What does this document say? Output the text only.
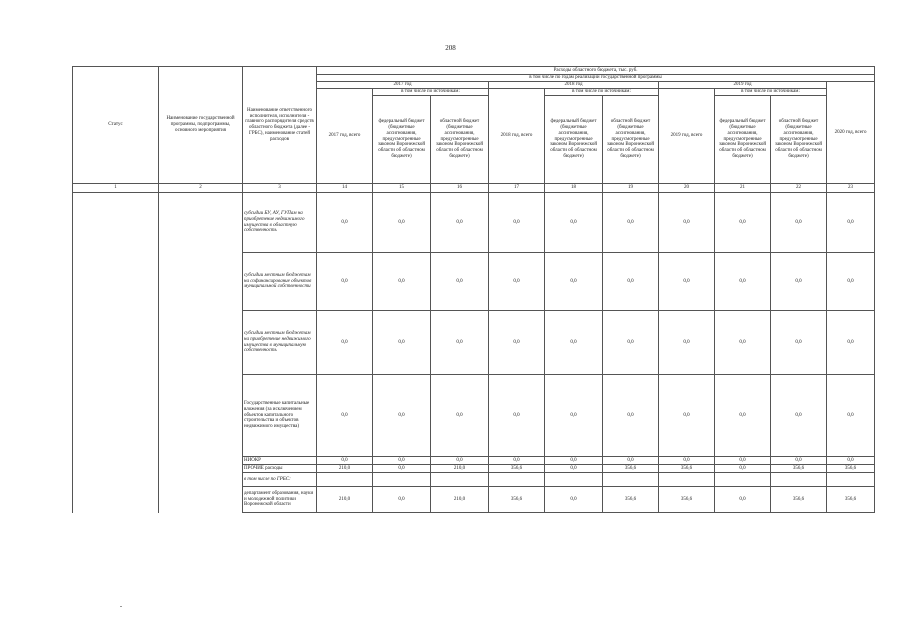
208
Статус	Наименование государственной программы, подпрограммы, основного мероприятия	Наименование ответственного исполнителя, исполнителя - главного распорядителя средств областного бюджета (далее - ГРБС), наименование статей расходов	Расходы областного бюджета, тыс. руб.									
			в том числе по годам реализации государственной программы									
			2017 год			2018 год			2019 год			2020 год, всего
			2017 год, всего	в том числе по источникам:		2018 год, всего	в том числе по источникам:		2019 год, всего	в том числе по источникам:		
				федеральный бюджет (бюджетные ассигнования, предусмотренные законом Воронежской области об областном бюджете)	областной бюджет (бюджетные ассигнования, предусмотренные законом Воронежской области об областном бюджете)		федеральный бюджет (бюджетные ассигнования, предусмотренные законом Воронежской области об областном бюджете)	областной бюджет (бюджетные ассигнования, предусмотренные законом Воронежской области об областном бюджете)		федеральный бюджет (бюджетные ассигнования, предусмотренные законом Воронежской области об областном бюджете)	областной бюджет (бюджетные ассигнования, предусмотренные законом Воронежской области об областном бюджете)	
1	2	3	14	15	16	17	18	19	20	21	22	23
		субсидии БУ, АУ, ГУПам на приобретение недвижимого имущества в областную собственность	0,0	0,0	0,0	0,0	0,0	0,0	0,0	0,0	0,0	0,0
		субсидии местным бюджетам на софинансирование объектов муниципальной собственности	0,0	0,0	0,0	0,0	0,0	0,0	0,0	0,0	0,0	0,0
		субсидии местным бюджетам на приобретение недвижимого имущества в муниципальную собственность	0,0	0,0	0,0	0,0	0,0	0,0	0,0	0,0	0,0	0,0
		Государственные капитальные вложения (за исключением объектов капитального строительства и объектов недвижимого имущества)	0,0	0,0	0,0	0,0	0,0	0,0	0,0	0,0	0,0	0,0
		НИОКР	0,0	0,0	0,0	0,0	0,0	0,0	0,0	0,0	0,0	0,0
		ПРОЧИЕ расходы	210,0	0,0	210,0	356,6	0,0	356,6	356,6	0,0	356,6	356,6
		в том числе по ГРБС:										
		департамент образования, науки и молодежной политики Воронежской области	210,0	0,0	210,0	356,6	0,0	356,6	356,6	0,0	356,6	356,6
